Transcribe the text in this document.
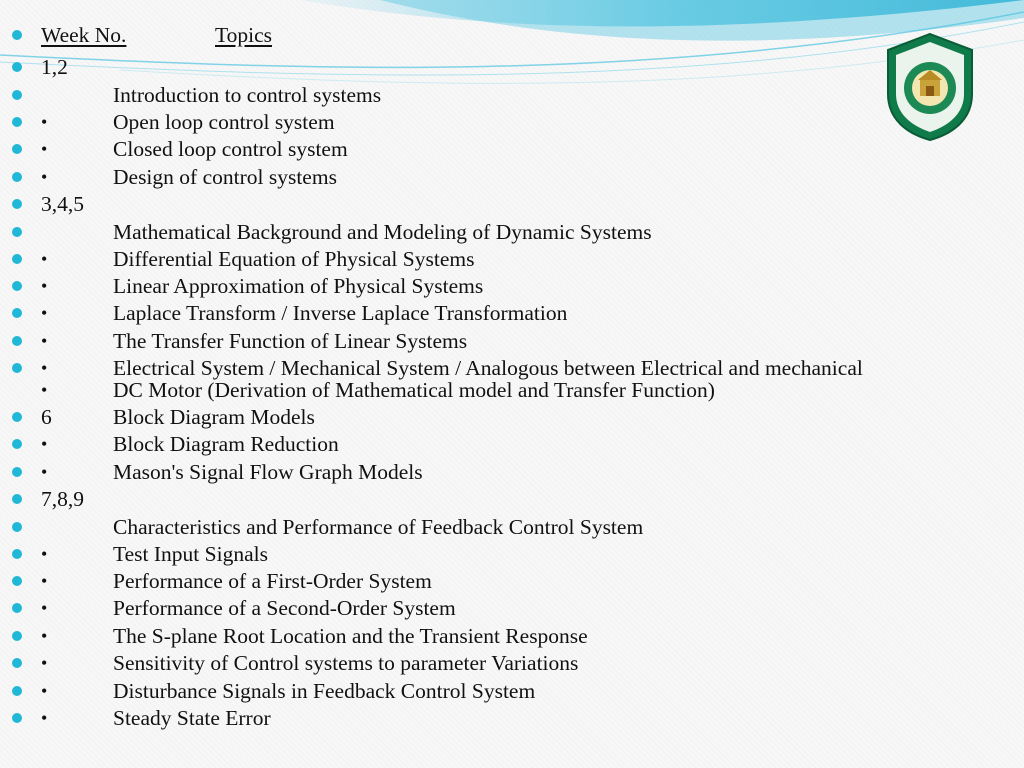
Week No.	Topics
1,2
Introduction to control systems
•	Open loop control system
•	Closed loop control system
•	Design of control systems
3,4,5
Mathematical Background and Modeling of Dynamic Systems
•	Differential Equation of Physical Systems
•	Linear Approximation of Physical Systems
•	Laplace Transform / Inverse Laplace Transformation
•	The Transfer Function of Linear Systems
•	Electrical System / Mechanical System / Analogous between Electrical and mechanical
•	DC Motor (Derivation of Mathematical model and Transfer Function)
6	Block Diagram Models
•	Block Diagram Reduction
•	Mason's Signal Flow Graph Models
7,8,9
Characteristics and Performance of Feedback Control System
•	Test Input Signals
•	Performance of a First-Order System
•	Performance of a Second-Order System
•	The S-plane Root Location and the Transient Response
•	Sensitivity of Control systems to parameter Variations
•	Disturbance Signals in Feedback Control System
•	Steady State Error
